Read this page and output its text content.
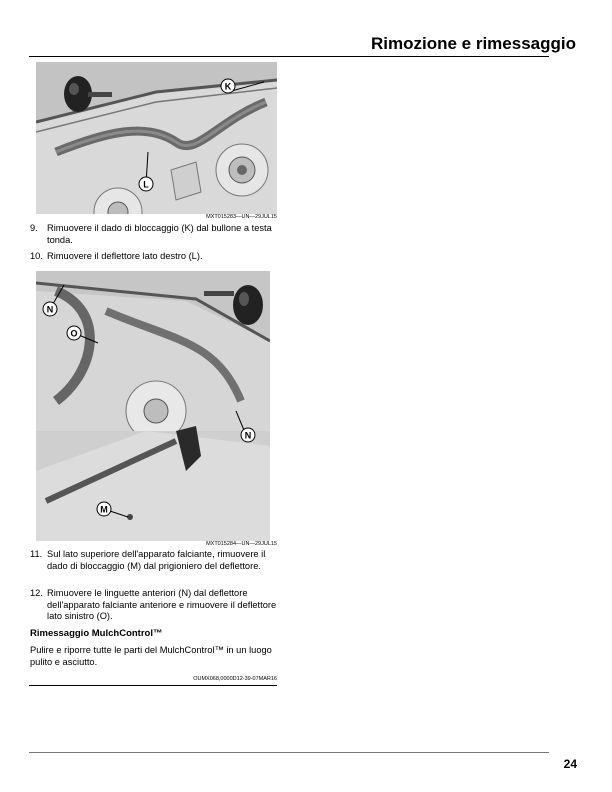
Rimozione e rimessaggio
K
L
MXT015283—UN—29JUL15
9. Rimuovere il dado di bloccaggio (K) dal bullone a testa tonda.
10. Rimuovere il deflettore lato destro (L).
N
O
N
M
MXT015284—UN—29JUL15
11. Sul lato superiore dell'apparato falciante, rimuovere il dado di bloccaggio (M) dal prigioniero del deflettore.
12. Rimuovere le linguette anteriori (N) dal deflettore dell'apparato falciante anteriore e rimuovere il deflettore lato sinistro (O).
Rimessaggio MulchControl™
Pulire e riporre tutte le parti del MulchControl™ in un luogo pulito e asciutto.
OUMX068,0000D12-39-07MAR16
24
